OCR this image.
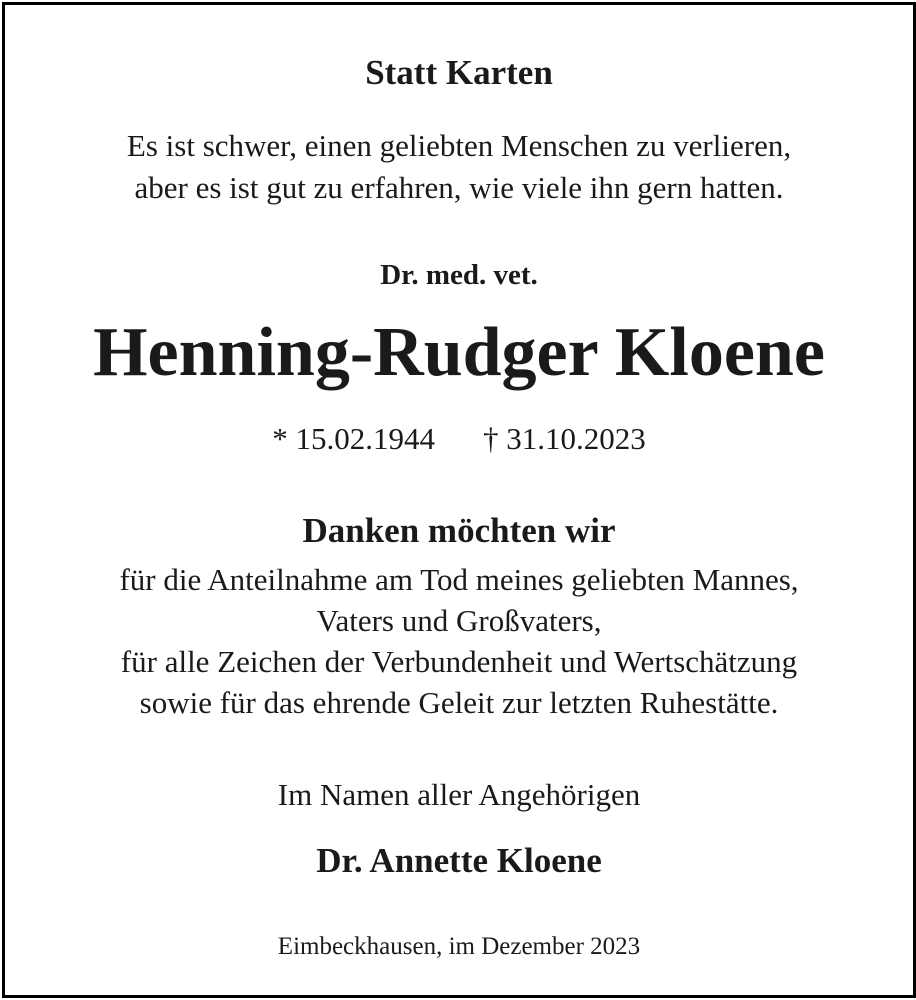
Statt Karten
Es ist schwer, einen geliebten Menschen zu verlieren,
aber es ist gut zu erfahren, wie viele ihn gern hatten.
Dr. med. vet.
Henning-Rudger Kloene
* 15.02.1944 † 31.10.2023
Danken möchten wir
für die Anteilnahme am Tod meines geliebten Mannes,
Vaters und Großvaters,
für alle Zeichen der Verbundenheit und Wertschätzung
sowie für das ehrende Geleit zur letzten Ruhestätte.
Im Namen aller Angehörigen
Dr. Annette Kloene
Eimbeckhausen, im Dezember 2023
